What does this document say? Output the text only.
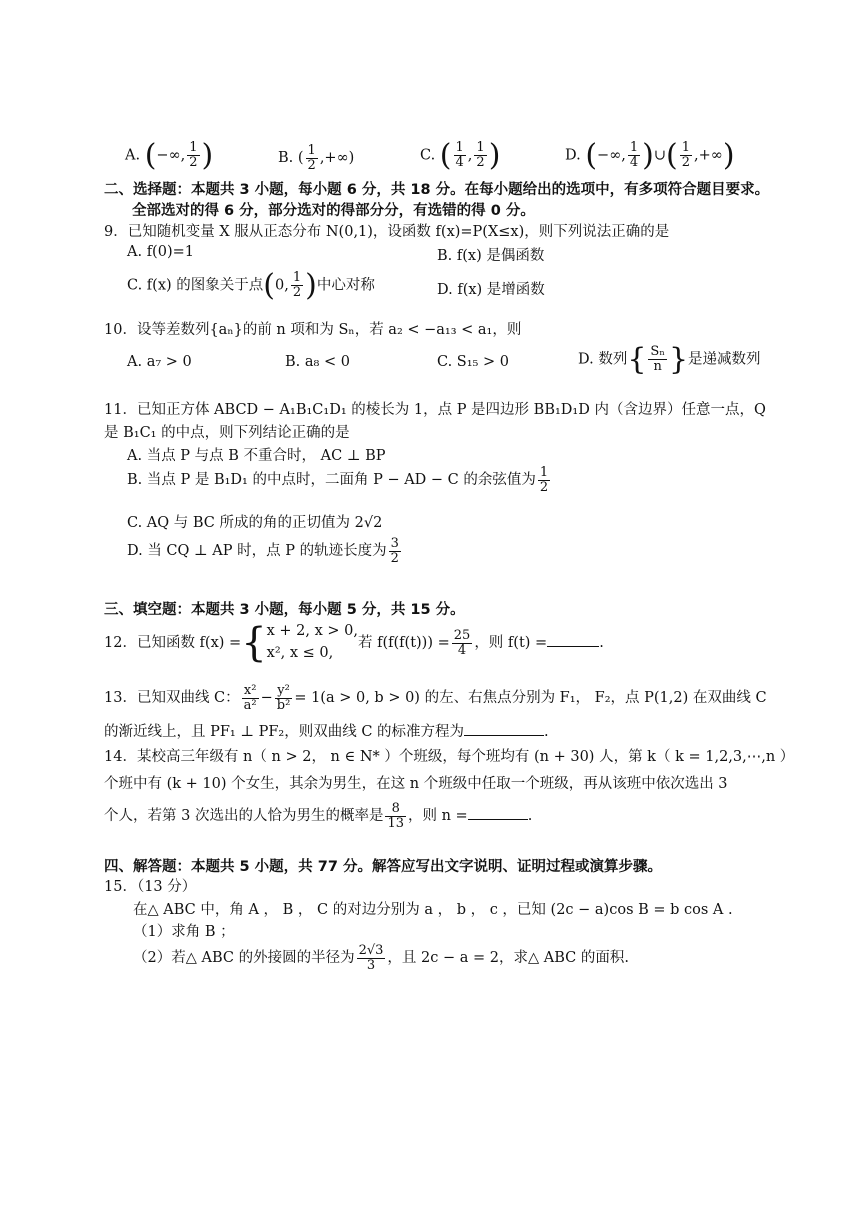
A. (−∞, $\frac{1}{2}$ )	B. ( $\frac{1}{2}$ ,+∞)	C. ( $\frac{1}{4}$ , $\frac{1}{2}$ )	D. (−∞, $\frac{1}{4}$ )∪( $\frac{1}{2}$ ,+∞)
二、选择题：本题共 3 小题，每小题 6 分，共 18 分。在每小题给出的选项中，有多项符合题目要求。
全部选对的得 6 分，部分选对的得部分分，有选错的得 0 分。
9．已知随机变量 X 服从正态分布 N(0,1)，设函数 f(x)=P(X≤x)，则下列说法正确的是
A. f(0)=1	B. f(x) 是偶函数
C. f(x) 的图象关于点(0, $\frac{1}{2}$ )中心对称	D. f(x) 是增函数
10．设等差数列{aₙ}的前 n 项和为 Sₙ，若 a₂ < −a₁₃ < a₁，则
A. a₇ > 0	B. a₈ < 0	C. S₁₅ > 0	D. 数列{ $\frac{\text{Sₙ}}{n}$ }是递减数列
11．已知正方体 ABCD − A₁B₁C₁D₁ 的棱长为 1，点 P 是四边形 BB₁D₁D 内（含边界）任意一点，Q
是 B₁C₁ 的中点，则下列结论正确的是
A. 当点 P 与点 B 不重合时， AC ⊥ BP
B. 当点 P 是 B₁D₁ 的中点时，二面角 P − AD − C 的余弦值为 $\frac{1}{2}$
C. AQ 与 BC 所成的角的正切值为 2√2
D. 当 CQ ⊥ AP 时，点 P 的轨迹长度为 $\frac{3}{2}$
三、填空题：本题共 3 小题，每小题 5 分，共 15 分。
12．已知函数 f(x) ={ x + 2, x > 0,
x², x ≤ 0,
若 $f(f(f(t))) = \frac{25}{4}$ ，则 f(t) =	.
13．已知双曲线 C： $\frac{\text{x²}}{\text{a²}} - \frac{\text{y²}}{\text{b²}} = 1(a > 0$, b > 0) 的左、右焦点分别为 F₁， F₂，点 P(1,2) 在双曲线 C
的渐近线上，且 PF₁ ⊥ PF₂，则双曲线 C 的标准方程为	.
14．某校高三年级有 n（ n > 2， n ∈ N* ）个班级，每个班均有 (n + 30) 人，第 k（ k = 1,2,3,⋯,n ）
个班中有 (k + 10) 个女生，其余为男生，在这 n 个班级中任取一个班级，再从该班中依次选出 3
个人，若第 3 次选出的人恰为男生的概率是 $\frac{8}{13}$ ，则 n =	.
四、解答题：本题共 5 小题，共 77 分。解答应写出文字说明、证明过程或演算步骤。
15．（13 分）
在△ ABC 中，角 A ， B ， C 的对边分别为 a ， b ， c ，已知 (2c − a)cos B = b cos A .
（1）求角 B ；
（2）若△ ABC 的外接圆的半径为 $\frac{2√3}{3}$ ，且 2c − a = 2，求△ ABC 的面积.
